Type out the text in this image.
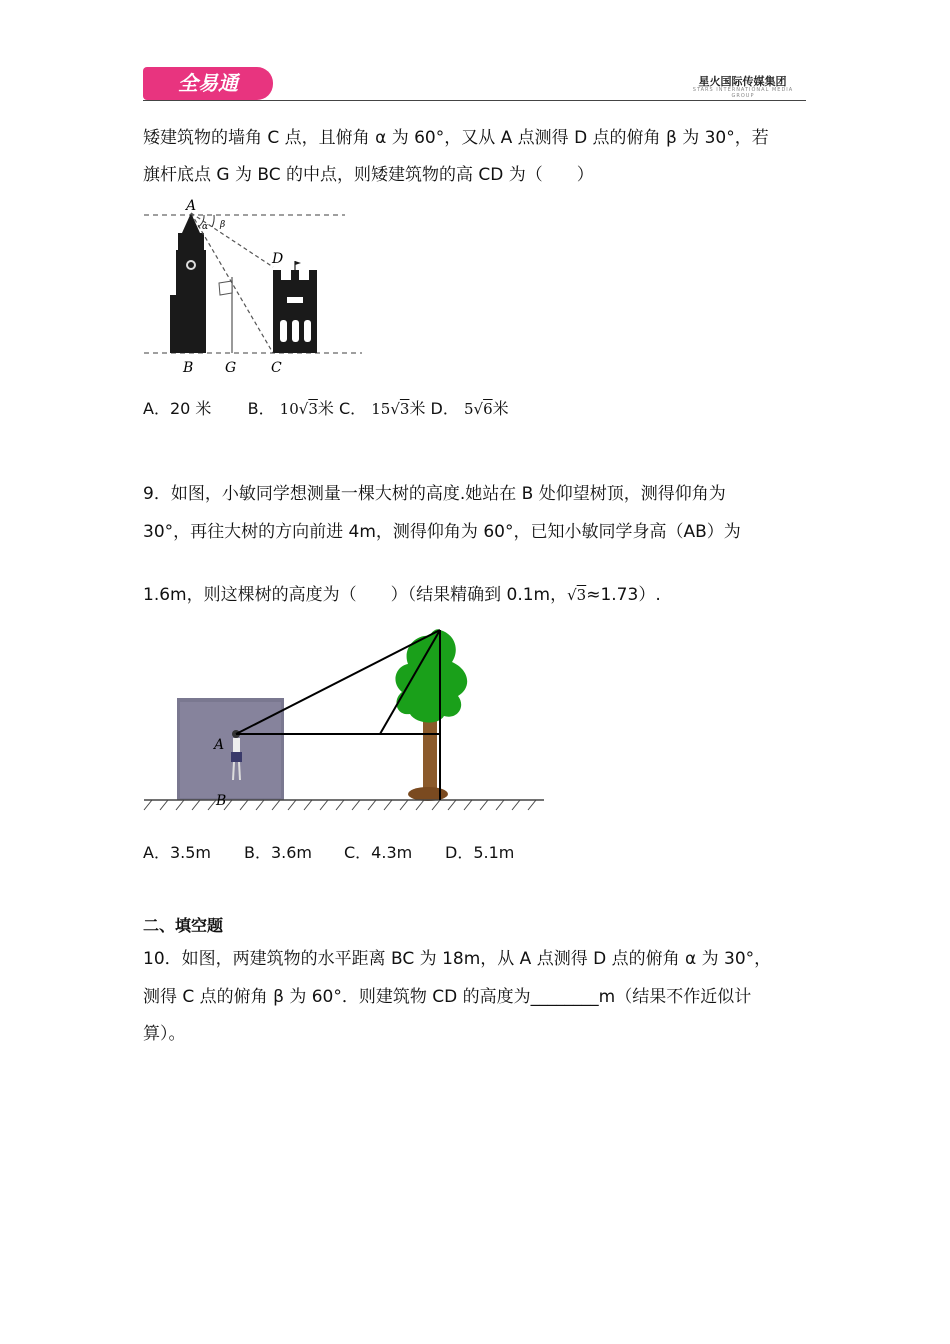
全易通	星火国际传媒集团
STARS INTERNATIONAL MEDIA GROUP
矮建筑物的墙角 C 点，且俯角 α 为 60°，又从 A 点测得 D 点的俯角 β 为 30°，若
旗杆底点 G 为 BC 的中点，则矮建筑物的高 CD 为（　　）
A
α β
D
B G C
A．20 米 B． 10√3米 C． 15√3米 D． 5√6米
9．如图，小敏同学想测量一棵大树的高度.她站在 B 处仰望树顶，测得仰角为
30°，再往大树的方向前进 4m，测得仰角为 60°，已知小敏同学身高（AB）为
1.6m，则这棵树的高度为（　　）（结果精确到 0.1m，√3≈1.73）.
A
B
A．3.5m B．3.6m C．4.3m D．5.1m
二、填空题
10．如图，两建筑物的水平距离 BC 为 18m，从 A 点测得 D 点的俯角 α 为 30°，
测得 C 点的俯角 β 为 60°．则建筑物 CD 的高度为________m（结果不作近似计
算）。
